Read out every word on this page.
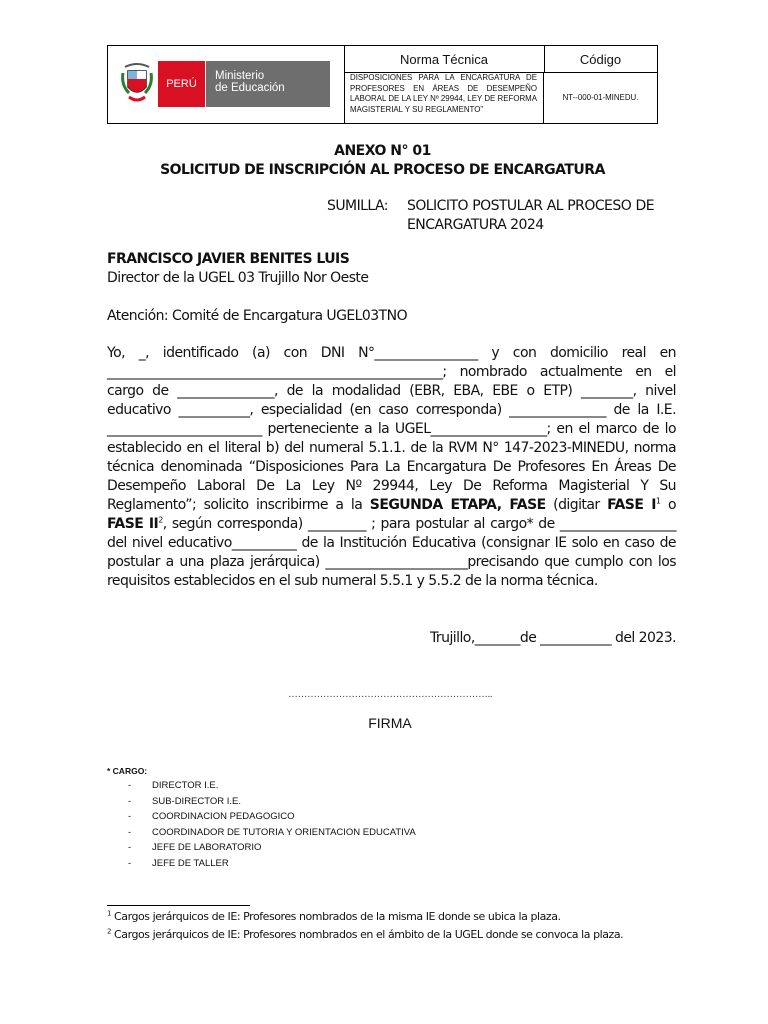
PERÚ
Ministerio
de Educación
Norma Técnica	Código
DISPOSICIONES PARA LA ENCARGATURA DE PROFESORES EN ÁREAS DE DESEMPEÑO LABORAL DE LA LEY Nº 29944, LEY DE REFORMA MAGISTERIAL Y SU REGLAMENTO”
NT--000-01-MINEDU.
ANEXO N° 01
SOLICITUD DE INSCRIPCIÓN AL PROCESO DE ENCARGATURA
SUMILLA: SOLICITO POSTULAR AL PROCESO DE ENCARGATURA 2024
FRANCISCO JAVIER BENITES LUIS
Director de la UGEL 03 Trujillo Nor Oeste
Atención: Comité de Encargatura UGEL03TNO

Yo, _, identificado (a) con DNI N°________________ y con domicilio real en ____________________________________________________; nombrado actualmente en el cargo de _______________, de la modalidad (EBR, EBA, EBE o ETP) ________, nivel educativo ___________, especialidad (en caso corresponda) _______________ de la I.E. ________________________ perteneciente a la UGEL__________________; en el marco de lo establecido en el literal b) del numeral 5.1.1. de la RVM N° 147-2023-MINEDU, norma técnica denominada “Disposiciones Para La Encargatura De Profesores En Áreas De Desempeño Laboral De La Ley Nº 29944, Ley De Reforma Magisterial Y Su Reglamento”; solicito inscribirme a la SEGUNDA ETAPA, FASE (digitar FASE $I^1$ o FASE $II^2$, según corresponda) _________ ; para postular al cargo* de __________________ del nivel educativo__________ de la Institución Educativa (consignar IE solo en caso de postular a una plaza jerárquica) ______________________precisando que cumplo con los requisitos establecidos en el sub numeral 5.5.1 y 5.5.2 de la norma técnica.

Trujillo,_______de ___________ del 2023.
………………………………………………………..
FIRMA
* CARGO:
- DIRECTOR I.E.
- SUB-DIRECTOR I.E.
- COORDINACION PEDAGOGICO
- COORDINADOR DE TUTORIA Y ORIENTACION EDUCATIVA
- JEFE DE LABORATORIO
- JEFE DE TALLER
$^1$ Cargos jerárquicos de IE: Profesores nombrados de la misma IE donde se ubica la plaza.
$^2$ Cargos jerárquicos de IE: Profesores nombrados en el ámbito de la UGEL donde se convoca la plaza.
